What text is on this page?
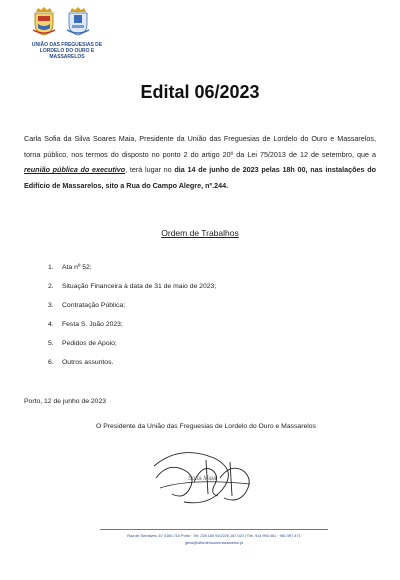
UNIÃO DAS FREGUESIAS DE
LORDELO DO OURO E MASSARELOS
Edital 06/2023

Carla Sofia da Silva Soares Maia, Presidente da União das Freguesias de Lordelo do Ouro e Massarelos, torna público, nos termos do disposto no ponto 2 do artigo 20º da Lei 75/2013 de 12 de setembro, que a reunião pública do executivo, terá lugar no dia 14 de junho de 2023 pelas 18h 00, nas instalações do Edifício de Massarelos, sito a Rua do Campo Alegre, nº.244.

Ordem de Trabalhos
1.	Ata nº 52;
2.	Situação Financeira à data de 31 de maio de 2023;
3.	Contratação Pública;
4.	Festa S. João 2023;
5.	Pedidos de Apoio;
6.	Outros assuntos.
Porto, 12 de junho de 2023
O Presidente da União das Freguesias de Lordelo do Ouro e Massarelos
Sofia Maia
Rua de Serralves, 67 4150-710 Porto · Tel. 226 160 910/226 167 020 | Tlm. 914 994 461 · 961 597 471
geral@uflordeloouromassarelos.pt
